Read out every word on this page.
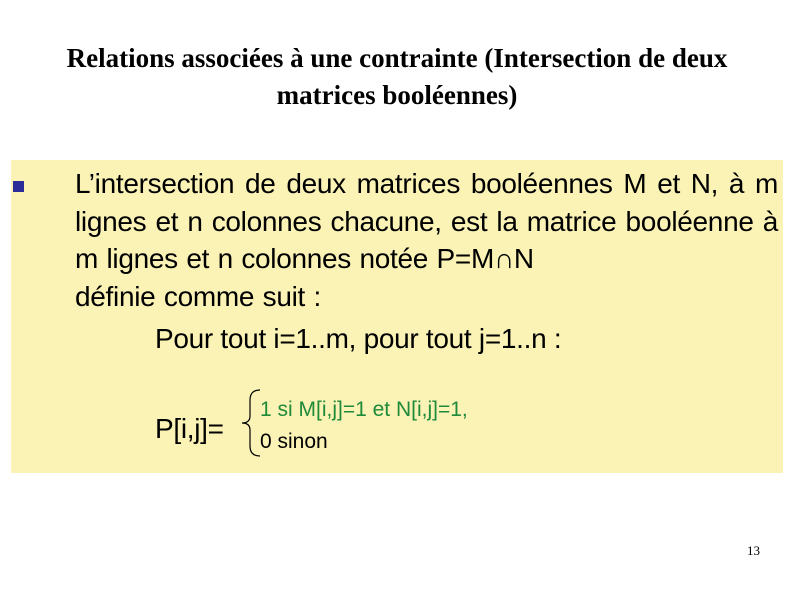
Relations associées à une contrainte (Intersection de deux matrices booléennes)
L’intersection de deux matrices booléennes M et N, à m lignes et n colonnes chacune, est la matrice booléenne à m lignes et n colonnes notée P=M∩N
définie comme suit :
Pour tout i=1..m, pour tout j=1..n :
P[i,j]=
1 si M[i,j]=1 et N[i,j]=1,
0 sinon
13
